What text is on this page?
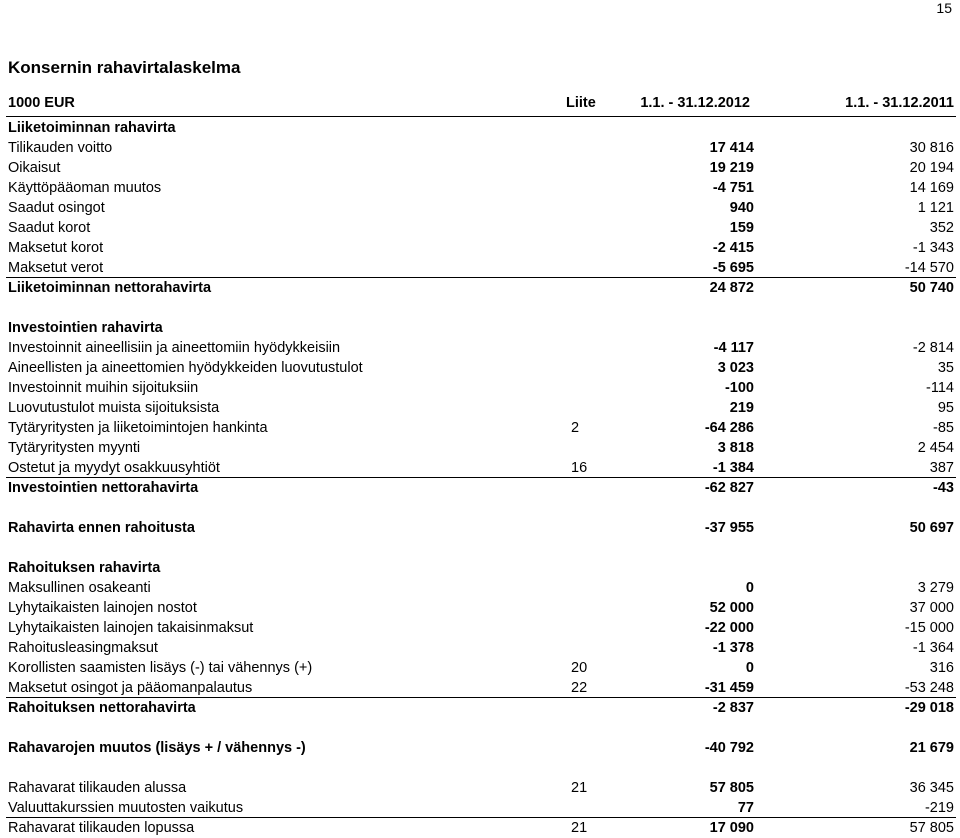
15
Konsernin rahavirtalaskelma
1000 EUR	Liite	1.1. - 31.12.2012	1.1. - 31.12.2011
Liiketoiminnan rahavirta
Tilikauden voitto	17 414	30 816
Oikaisut	19 219	20 194
Käyttöpääoman muutos	-4 751	14 169
Saadut osingot	940	1 121
Saadut korot	159	352
Maksetut korot	-2 415	-1 343
Maksetut verot	-5 695	-14 570
Liiketoiminnan nettorahavirta	24 872	50 740
Investointien rahavirta
Investoinnit aineellisiin ja aineettomiin hyödykkeisiin	-4 117	-2 814
Aineellisten ja aineettomien hyödykkeiden luovutustulot	3 023	35
Investoinnit muihin sijoituksiin	-100	-114
Luovutustulot muista sijoituksista	219	95
Tytäryritysten ja liiketoimintojen hankinta	2	-64 286	-85
Tytäryritysten myynti	3 818	2 454
Ostetut ja myydyt osakkuusyhtiöt	16	-1 384	387
Investointien nettorahavirta	-62 827	-43
Rahavirta ennen rahoitusta	-37 955	50 697
Rahoituksen rahavirta
Maksullinen osakeanti	0	3 279
Lyhytaikaisten lainojen nostot	52 000	37 000
Lyhytaikaisten lainojen takaisinmaksut	-22 000	-15 000
Rahoitusleasingmaksut	-1 378	-1 364
Korollisten saamisten lisäys (-) tai vähennys (+)	20	0	316
Maksetut osingot ja pääomanpalautus	22	-31 459	-53 248
Rahoituksen nettorahavirta	-2 837	-29 018
Rahavarojen muutos (lisäys + / vähennys -)	-40 792	21 679
Rahavarat tilikauden alussa	21	57 805	36 345
Valuuttakurssien muutosten vaikutus	77	-219
Rahavarat tilikauden lopussa	21	17 090	57 805
